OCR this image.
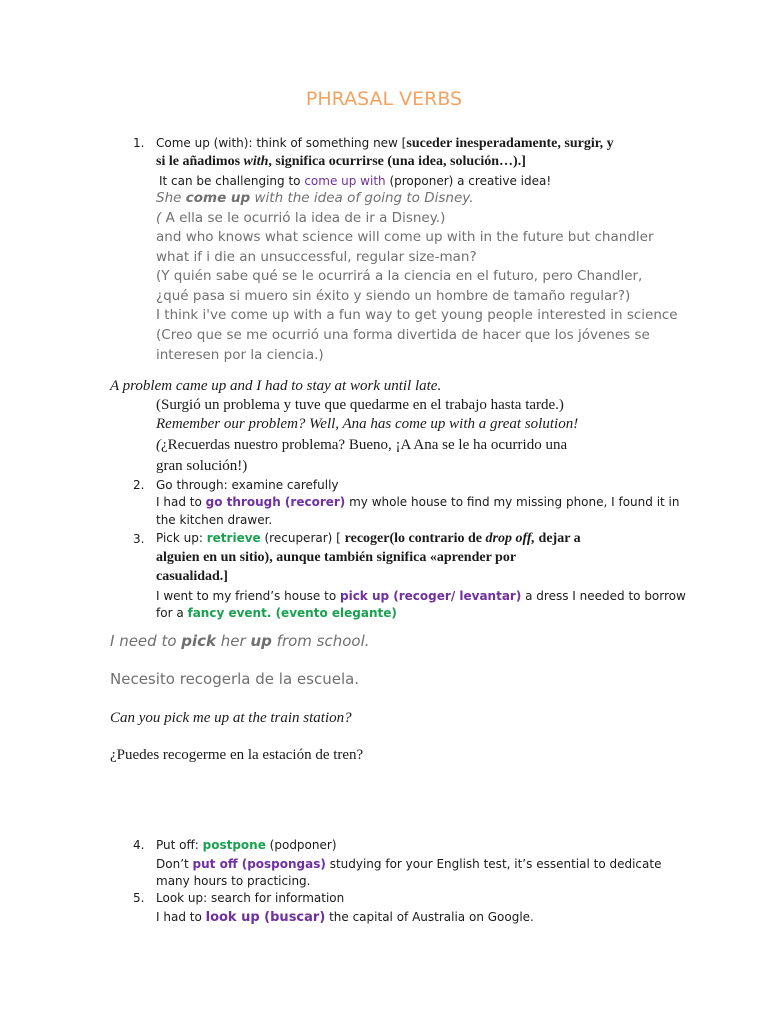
PHRASAL VERBS
1. Come up (with): think of something new [suceder inesperadamente, surgir, y
si le añadimos with, significa ocurrirse (una idea, solución…).]
It can be challenging to come up with (proponer) a creative idea!
She come up with the idea of going to Disney.
( A ella se le ocurrió la idea de ir a Disney.)
and who knows what science will come up with in the future but chandler
what if i die an unsuccessful, regular size-man?
(Y quién sabe qué se le ocurrirá a la ciencia en el futuro, pero Chandler,
¿qué pasa si muero sin éxito y siendo un hombre de tamaño regular?)
I think i've come up with a fun way to get young people interested in science
(Creo que se me ocurrió una forma divertida de hacer que los jóvenes se
interesen por la ciencia.)
A problem came up and I had to stay at work until late.
(Surgió un problema y tuve que quedarme en el trabajo hasta tarde.)
Remember our problem? Well, Ana has come up with a great solution!
(¿Recuerdas nuestro problema? Bueno, ¡A Ana se le ha ocurrido una
gran solución!)
2. Go through: examine carefully
I had to go through (recorer) my whole house to find my missing phone, I found it in
the kitchen drawer.
3. Pick up: retrieve (recuperar) [ recoger(lo contrario de drop off, dejar a
alguien en un sitio), aunque también significa «aprender por
casualidad.]
I went to my friend’s house to pick up (recoger/ levantar) a dress I needed to borrow
for a fancy event. (evento elegante)
I need to pick her up from school.
Necesito recogerla de la escuela.
Can you pick me up at the train station?
¿Puedes recogerme en la estación de tren?
4. Put off: postpone (podponer)
Don’t put off (pospongas) studying for your English test, it’s essential to dedicate
many hours to practicing.
5. Look up: search for information
I had to look up (buscar) the capital of Australia on Google.
